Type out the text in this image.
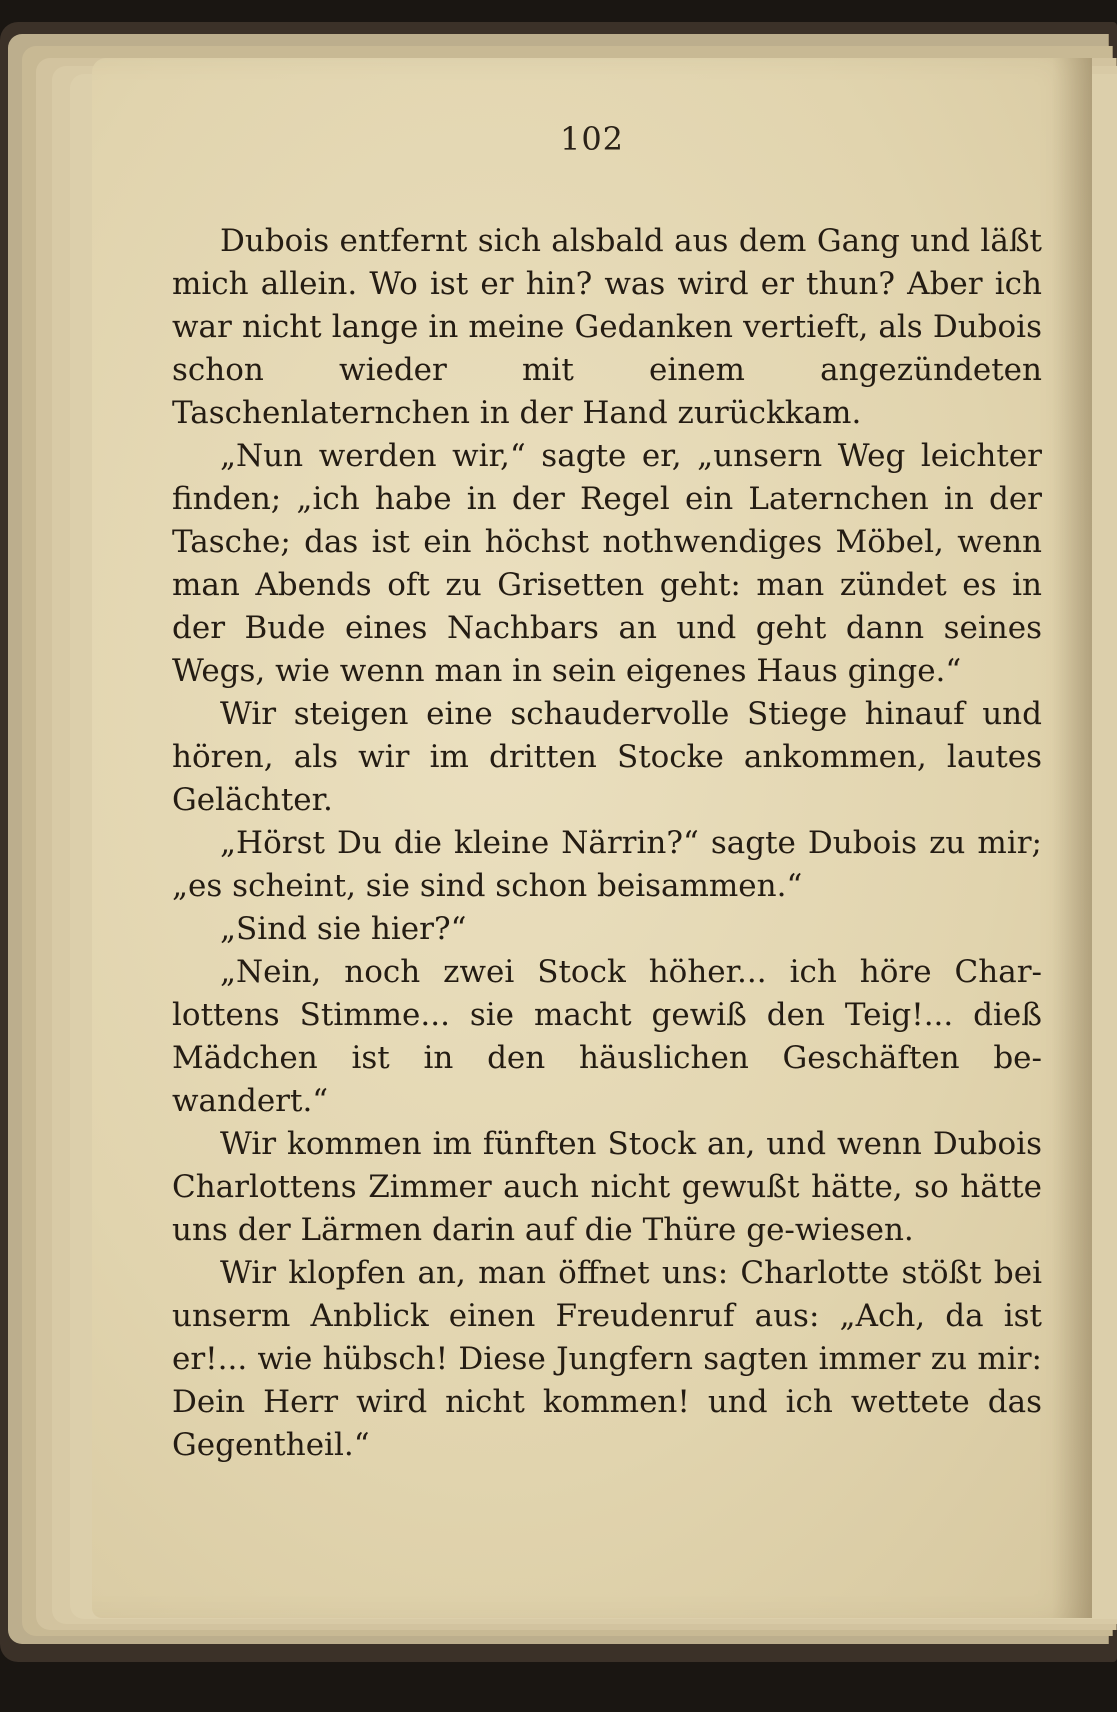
102

Dubois entfernt sich alsbald aus dem Gang und läßt mich allein. Wo ist er hin? was wird er thun? Aber ich war nicht lange in meine Gedanken vertieft, als Dubois schon wieder mit einem angezündeten Taschenlaternchen in der Hand zurückkam.

„Nun werden wir,“ sagte er, „unsern Weg leichter finden; „ich habe in der Regel ein Laternchen in der Tasche; das ist ein höchst nothwendiges Möbel, wenn man Abends oft zu Grisetten geht: man zündet es in der Bude eines Nachbars an und geht dann seines Wegs, wie wenn man in sein eigenes Haus ginge.“

Wir steigen eine schaudervolle Stiege hinauf und hören, als wir im dritten Stocke ankommen, lautes Gelächter.

„Hörst Du die kleine Närrin?“ sagte Dubois zu mir; „es scheint, sie sind schon beisammen.“

„Sind sie hier?“

„Nein, noch zwei Stock höher... ich höre Char-lottens Stimme... sie macht gewiß den Teig!... dieß Mädchen ist in den häuslichen Geschäften be-wandert.“

Wir kommen im fünften Stock an, und wenn Dubois Charlottens Zimmer auch nicht gewußt hätte, so hätte uns der Lärmen darin auf die Thüre ge-wiesen.

Wir klopfen an, man öffnet uns: Charlotte stößt bei unserm Anblick einen Freudenruf aus: „Ach, da ist er!... wie hübsch! Diese Jungfern sagten immer zu mir: Dein Herr wird nicht kommen! und ich wettete das Gegentheil.“
